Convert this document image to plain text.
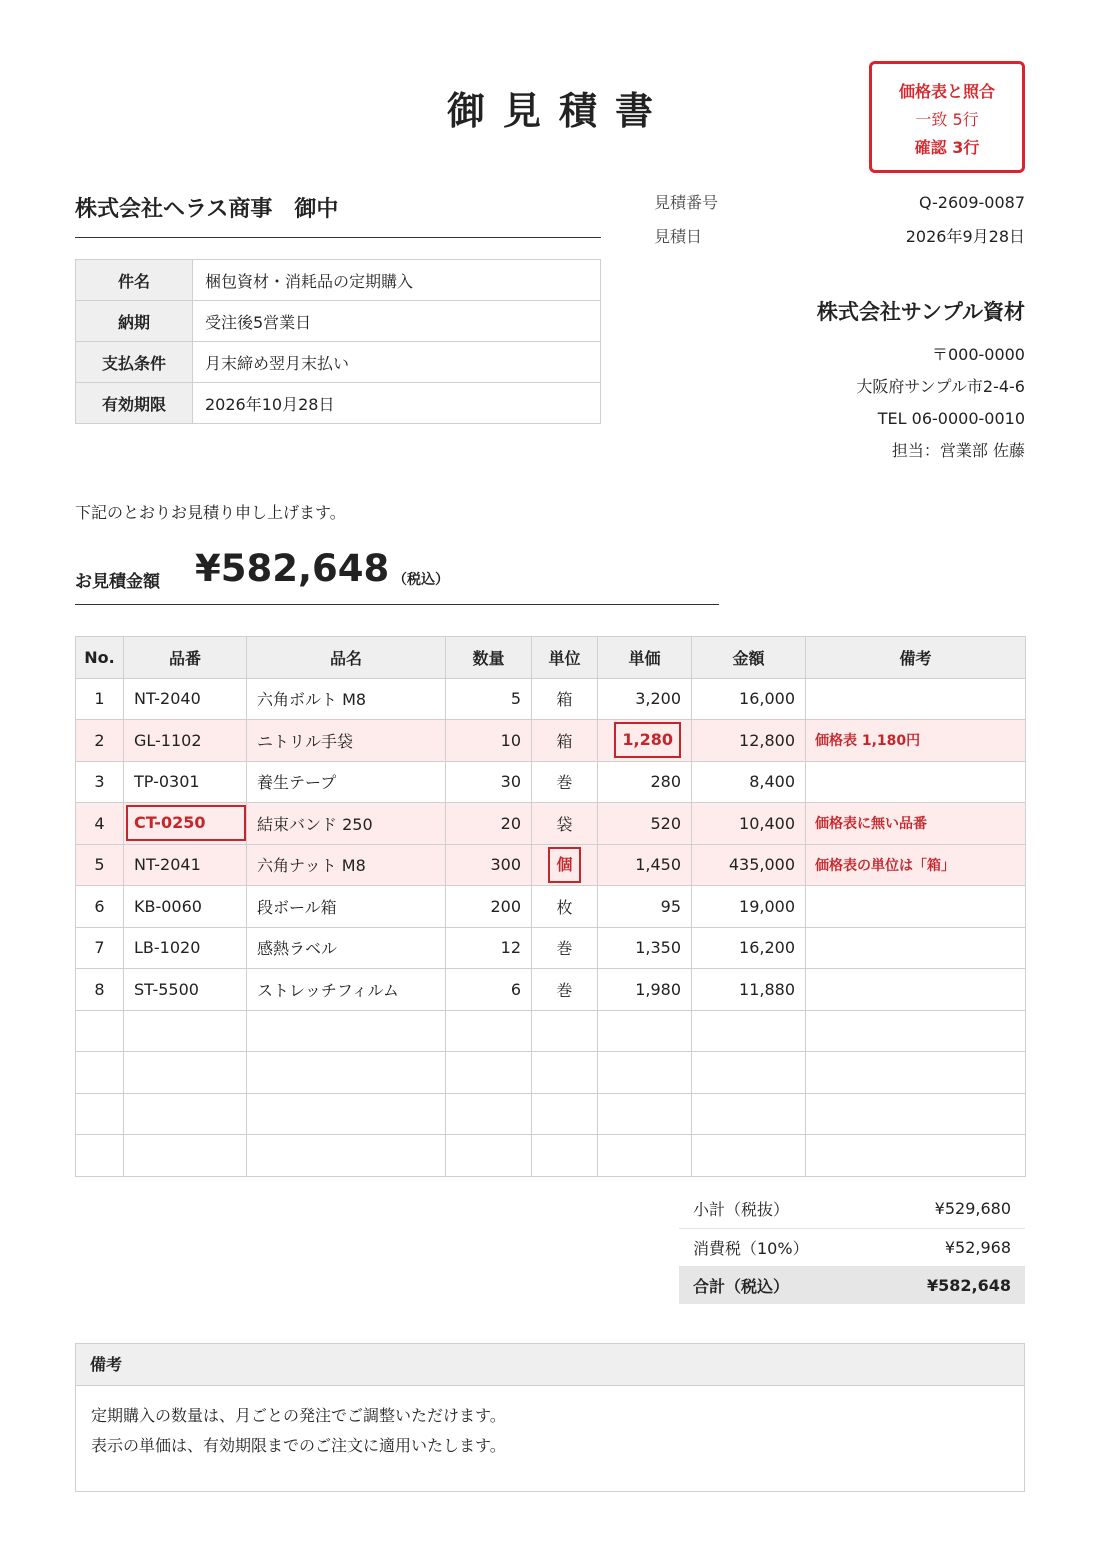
御見積書	価格表と照合
一致 5行
確認 3行
株式会社ヘラス商事　御中
件名	梱包資材・消耗品の定期購入
納期	受注後5営業日
支払条件	月末締め翌月末払い
有効期限	2026年10月28日
見積番号	Q-2609-0087
見積日	2026年9月28日
株式会社サンプル資材
〒000-0000
大阪府サンプル市2-4-6
TEL 06-0000-0010
担当：営業部 佐藤
下記のとおりお見積り申し上げます。
お見積金額 ¥582,648 （税込）
No.	品番	品名	数量	単位	単価	金額	備考
1	NT-2040	六角ボルト M8	5	箱	3,200	16,000	
2	GL-1102	ニトリル手袋	10	箱	1,280	12,800	価格表 1,180円
3	TP-0301	養生テープ	30	巻	280	8,400	
4	CT-0250	結束バンド 250	20	袋	520	10,400	価格表に無い品番
5	NT-2041	六角ナット M8	300	個	1,450	435,000	価格表の単位は「箱」
6	KB-0060	段ボール箱	200	枚	95	19,000	
7	LB-1020	感熱ラベル	12	巻	1,350	16,200	
8	ST-5500	ストレッチフィルム	6	巻	1,980	11,880	

小計（税抜）	¥529,680
消費税（10%）	¥52,968
合計（税込）	¥582,648
備考
定期購入の数量は、月ごとの発注でご調整いただけます。
表示の単価は、有効期限までのご注文に適用いたします。
